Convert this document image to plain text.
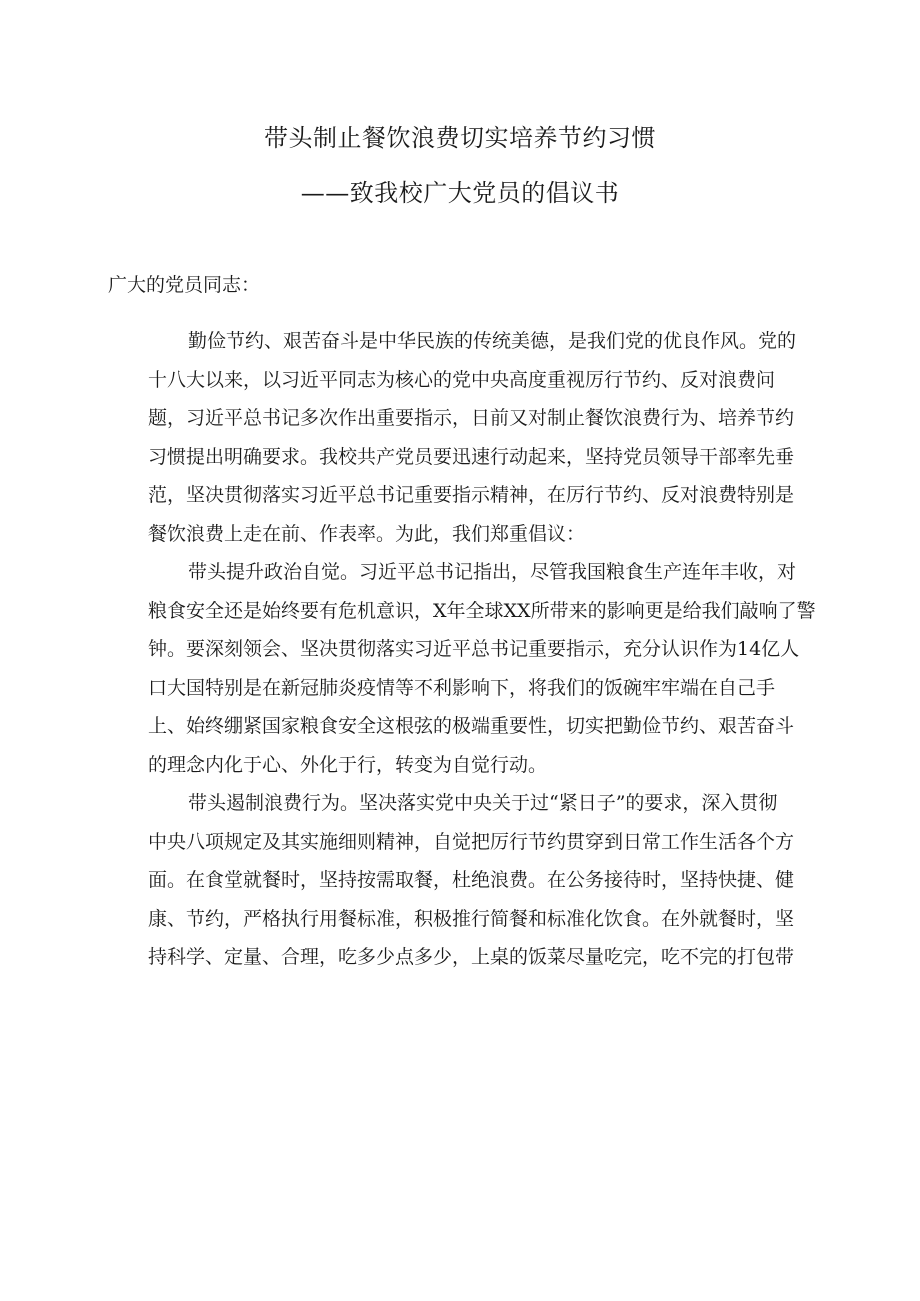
带头制止餐饮浪费切实培养节约习惯
——致我校广大党员的倡议书

广大的党员同志：

勤俭节约、艰苦奋斗是中华民族的传统美德，是我们党的优良作风。党的
十八大以来，以习近平同志为核心的党中央高度重视厉行节约、反对浪费问
题，习近平总书记多次作出重要指示，日前又对制止餐饮浪费行为、培养节约
习惯提出明确要求。我校共产党员要迅速行动起来，坚持党员领导干部率先垂
范，坚决贯彻落实习近平总书记重要指示精神，在厉行节约、反对浪费特别是
餐饮浪费上走在前、作表率。为此，我们郑重倡议：
带头提升政治自觉。习近平总书记指出，尽管我国粮食生产连年丰收，对
粮食安全还是始终要有危机意识，X年全球XX所带来的影响更是给我们敲响了警
钟。要深刻领会、坚决贯彻落实习近平总书记重要指示，充分认识作为14亿人
口大国特别是在新冠肺炎疫情等不利影响下，将我们的饭碗牢牢端在自己手
上、始终绷紧国家粮食安全这根弦的极端重要性，切实把勤俭节约、艰苦奋斗
的理念内化于心、外化于行，转变为自觉行动。
带头遏制浪费行为。坚决落实党中央关于过“紧日子”的要求，深入贯彻
中央八项规定及其实施细则精神，自觉把厉行节约贯穿到日常工作生活各个方
面。在食堂就餐时，坚持按需取餐，杜绝浪费。在公务接待时，坚持快捷、健
康、节约，严格执行用餐标准，积极推行简餐和标准化饮食。在外就餐时，坚
持科学、定量、合理，吃多少点多少，上桌的饭菜尽量吃完，吃不完的打包带
